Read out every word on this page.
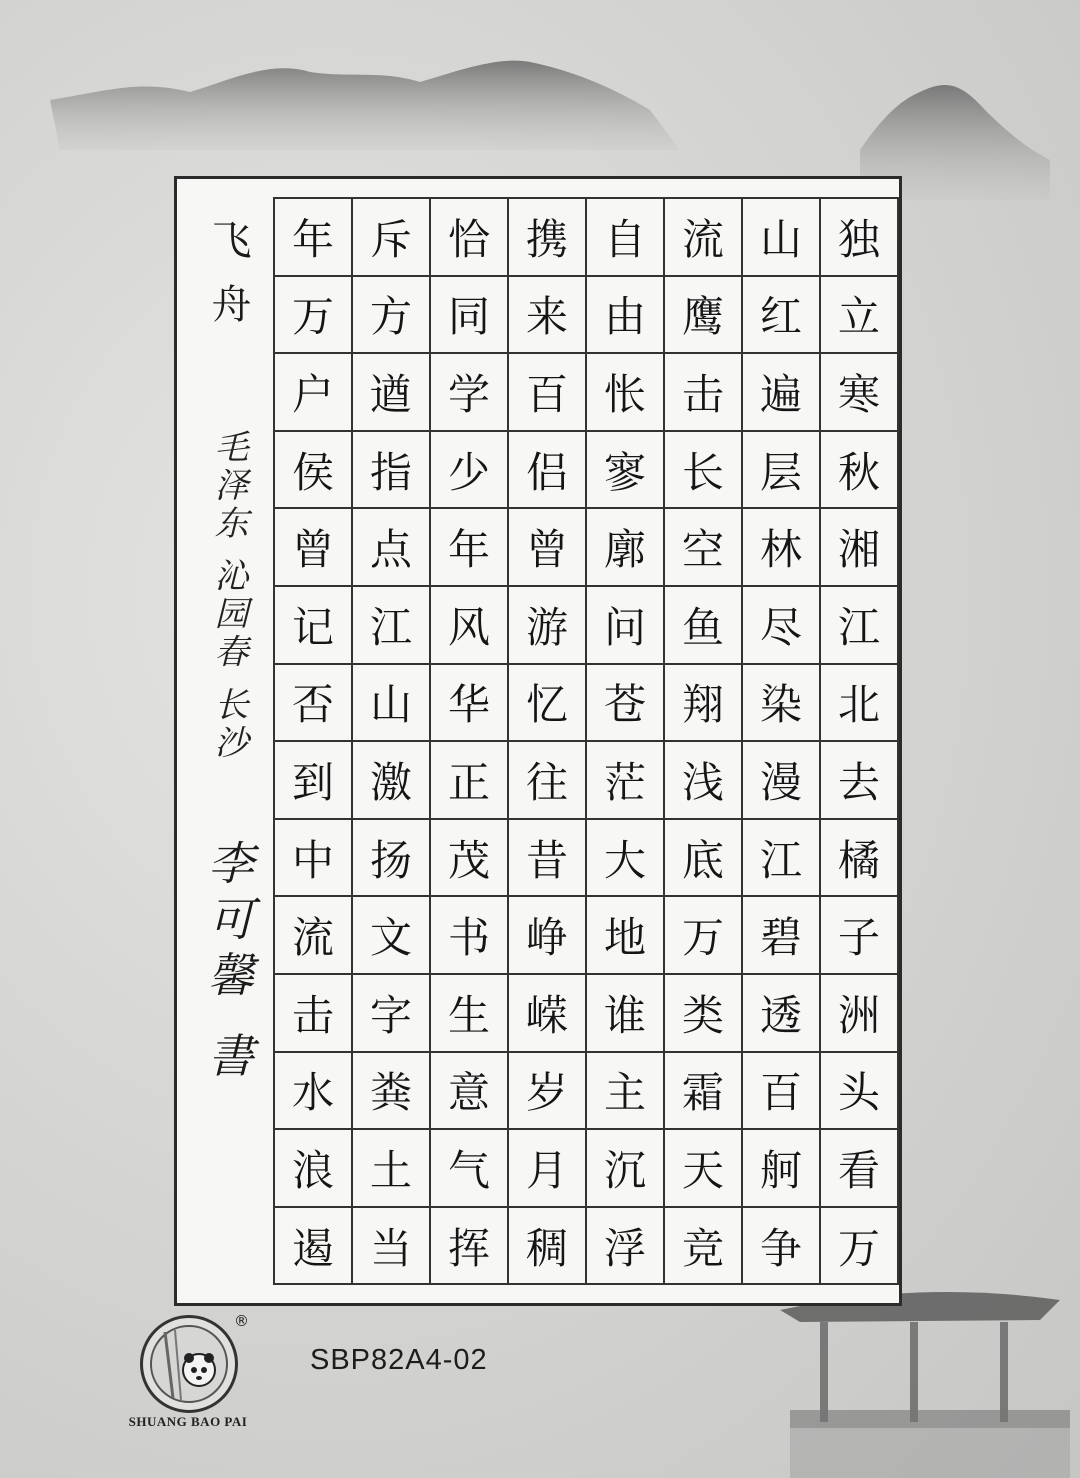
飞舟
毛泽东 沁园春 长沙
李可馨 書
年 斥 恰 携 自 流 山 独
万 方 同 来 由 鹰 红 立
户 遒 学 百 怅 击 遍 寒
侯 指 少 侣 寥 长 层 秋
曾 点 年 曾 廓 空 林 湘
记 江 风 游 问 鱼 尽 江
否 山 华 忆 苍 翔 染 北
到 激 正 往 茫 浅 漫 去
中 扬 茂 昔 大 底 江 橘
流 文 书 峥 地 万 碧 子
击 字 生 嵘 谁 类 透 洲
水 粪 意 岁 主 霜 百 头
浪 土 气 月 沉 天 舸 看
遏 当 挥 稠 浮 竞 争 万
®
SHUANG BAO PAI
SBP82A4-02
